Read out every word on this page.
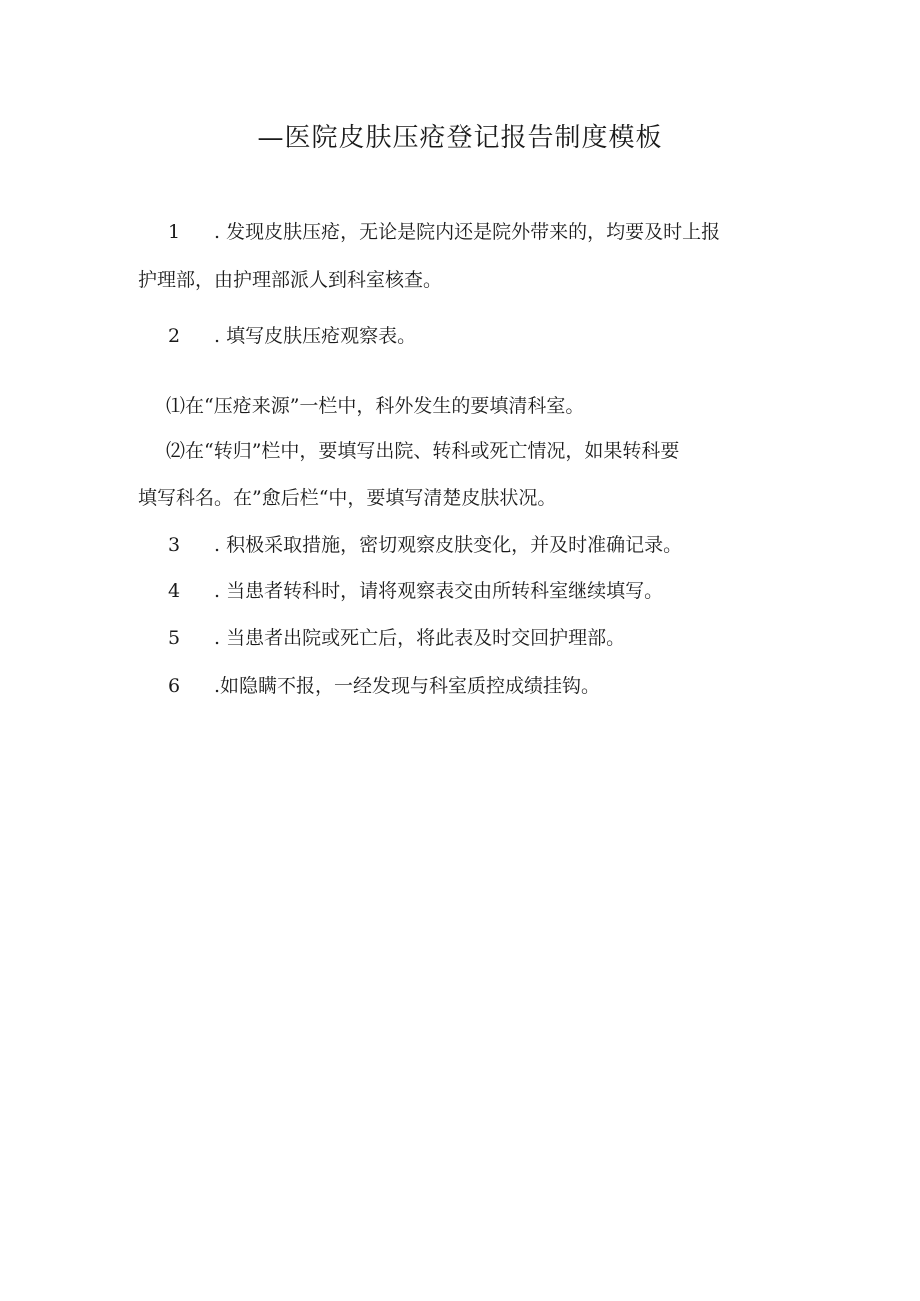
—医院皮肤压疮登记报告制度模板
1 . 发现皮肤压疮，无论是院内还是院外带来的，均要及时上报
护理部，由护理部派人到科室核查。
2 . 填写皮肤压疮观察表。
⑴在“压疮来源”一栏中，科外发生的要填清科室。
⑵在“转归”栏中，要填写出院、转科或死亡情况，如果转科要
填写科名。在”愈后栏“中，要填写清楚皮肤状况。
3 . 积极采取措施，密切观察皮肤变化，并及时准确记录。
4 . 当患者转科时，请将观察表交由所转科室继续填写。
5 . 当患者出院或死亡后，将此表及时交回护理部。
6 .如隐瞒不报，一经发现与科室质控成绩挂钩。
